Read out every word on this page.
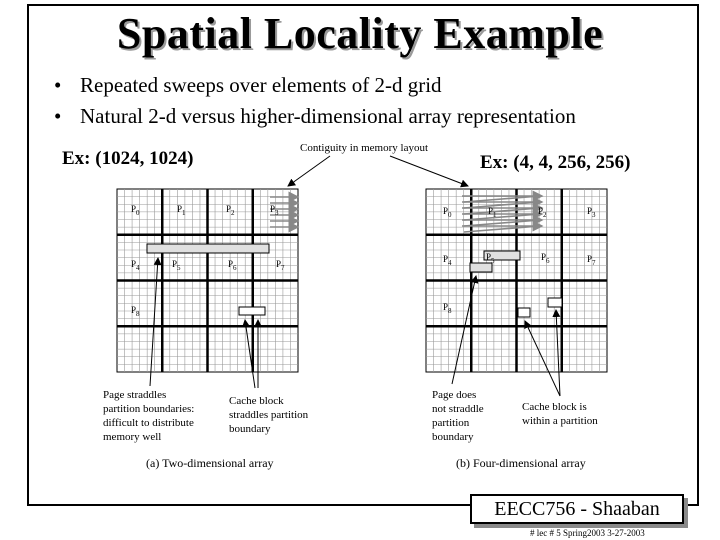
Spatial Locality Example
• Repeated sweeps over elements of 2-d grid
• Natural 2-d versus higher-dimensional array representation
Ex: (1024, 1024)	Ex: (4, 4, 256, 256)
Contiguity in memory layout
$P_0$	$P_0$
$P_1$	$P_1$
$P_2$	$P_2$
$P_3$	$P_3$
$P_4$
$P_4$
$P_5$
$P_5$
$P_6$
$P_6$
$P_7$
$P_7$
$P_8$
$P_8$
Page straddles
partition boundaries:
difficult to distribute
memory well
Cache block
straddles partition
boundary
Page does
not straddle
partition
boundary
Cache block is
within a partition
(a) Two-dimensional array	(b) Four-dimensional array
EECC756 - Shaaban
# lec # 5 Spring2003 3-27-2003
